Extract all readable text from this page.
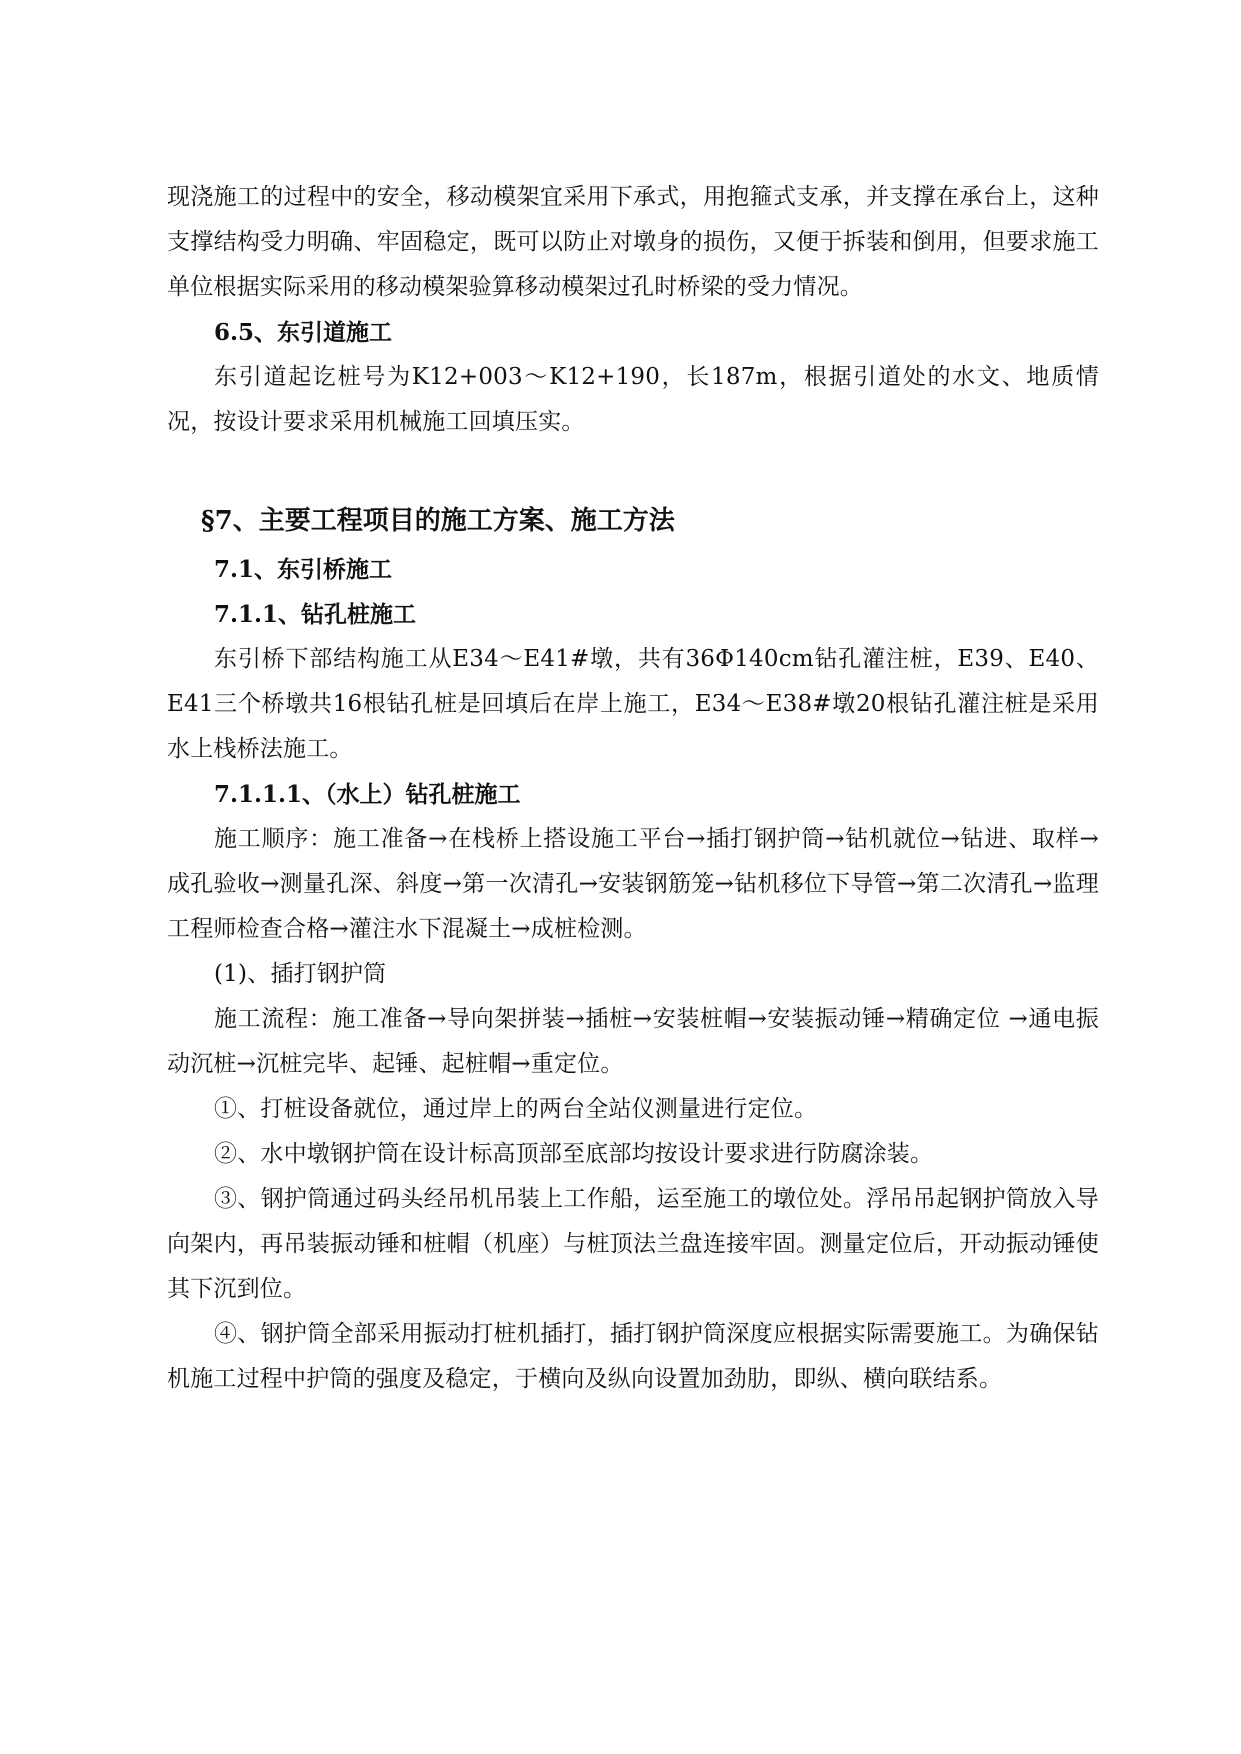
现浇施工的过程中的安全，移动模架宜采用下承式，用抱箍式支承，并支撑在承台上，这种支撑结构受力明确、牢固稳定，既可以防止对墩身的损伤，又便于拆装和倒用，但要求施工单位根据实际采用的移动模架验算移动模架过孔时桥梁的受力情况。

6.5、东引道施工

东引道起讫桩号为K12+003～K12+190，长187m，根据引道处的水文、地质情况，按设计要求采用机械施工回填压实。

§7、主要工程项目的施工方案、施工方法

7.1、东引桥施工

7.1.1、钻孔桩施工

东引桥下部结构施工从E34～E41#墩，共有36Φ140cm钻孔灌注桩，E39、E40、E41三个桥墩共16根钻孔桩是回填后在岸上施工，E34～E38#墩20根钻孔灌注桩是采用水上栈桥法施工。

7.1.1.1、（水上）钻孔桩施工

施工顺序：施工准备→在栈桥上搭设施工平台→插打钢护筒→钻机就位→钻进、取样→成孔验收→测量孔深、斜度→第一次清孔→安装钢筋笼→钻机移位下导管→第二次清孔→监理工程师检查合格→灌注水下混凝土→成桩检测。

(1)、插打钢护筒

施工流程：施工准备→导向架拼装→插桩→安装桩帽→安装振动锤→精确定位 →通电振动沉桩→沉桩完毕、起锤、起桩帽→重定位。

①、打桩设备就位，通过岸上的两台全站仪测量进行定位。

②、水中墩钢护筒在设计标高顶部至底部均按设计要求进行防腐涂装。

③、钢护筒通过码头经吊机吊装上工作船，运至施工的墩位处。浮吊吊起钢护筒放入导向架内，再吊装振动锤和桩帽（机座）与桩顶法兰盘连接牢固。测量定位后，开动振动锤使其下沉到位。

④、钢护筒全部采用振动打桩机插打，插打钢护筒深度应根据实际需要施工。为确保钻机施工过程中护筒的强度及稳定，于横向及纵向设置加劲肋，即纵、横向联结系。
